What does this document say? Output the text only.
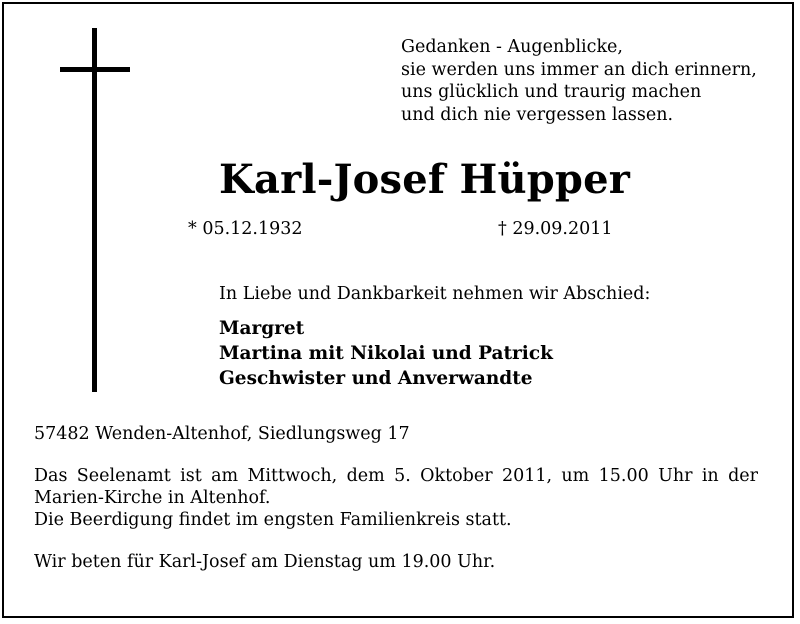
Gedanken - Augenblicke,
sie werden uns immer an dich erinnern,
uns glücklich und traurig machen
und dich nie vergessen lassen.
Karl-Josef Hüpper
* 05.12.1932	† 29.09.2011
In Liebe und Dankbarkeit nehmen wir Abschied:
Margret
Martina mit Nikolai und Patrick
Geschwister und Anverwandte
57482 Wenden-Altenhof, Siedlungsweg 17
Das Seelenamt ist am Mittwoch, dem 5. Oktober 2011, um 15.00 Uhr in der
Marien-Kirche in Altenhof.
Die Beerdigung findet im engsten Familienkreis statt.
Wir beten für Karl-Josef am Dienstag um 19.00 Uhr.
